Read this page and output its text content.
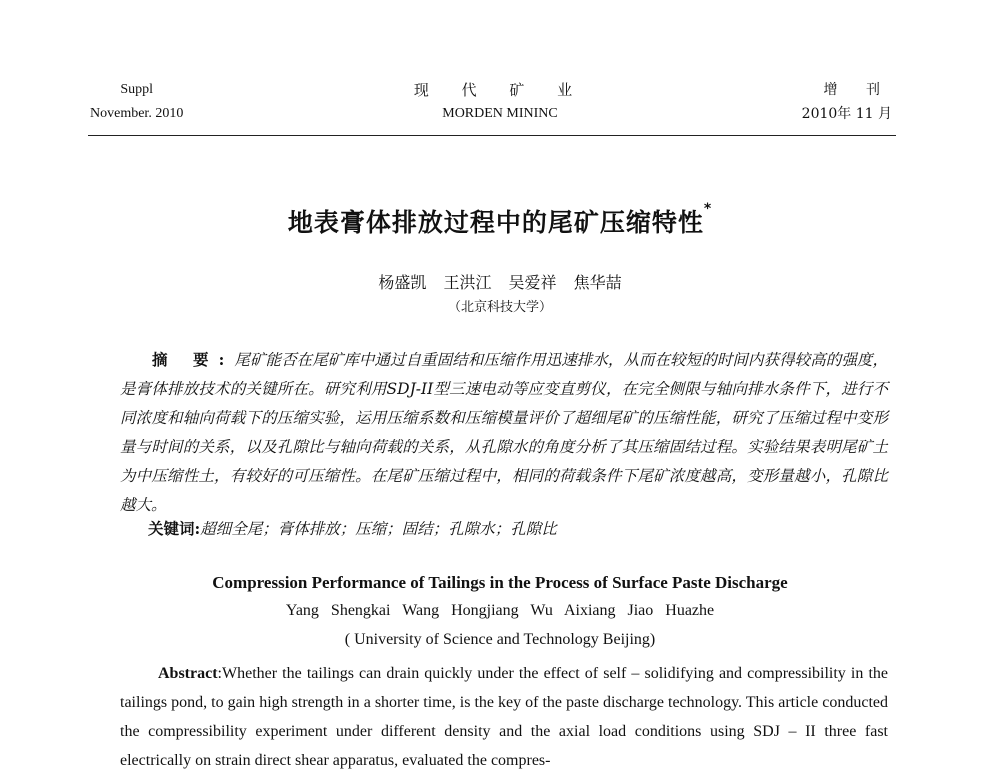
Suppl
November. 2010
现 代 矿 业
MORDEN MININC
增 刊
2010年 11 月
地表膏体排放过程中的尾矿压缩特性*
杨盛凯 王洪江 吴爱祥 焦华喆
（北京科技大学）
摘 要:尾矿能否在尾矿库中通过自重固结和压缩作用迅速排水，从而在较短的时间内获得较高的强度，是膏体排放技术的关键所在。研究利用SDJ-II型三速电动等应变直剪仪，在完全侧限与轴向排水条件下，进行不同浓度和轴向荷载下的压缩实验，运用压缩系数和压缩模量评价了超细尾矿的压缩性能，研究了压缩过程中变形量与时间的关系，以及孔隙比与轴向荷载的关系，从孔隙水的角度分析了其压缩固结过程。实验结果表明尾矿土为中压缩性土，有较好的可压缩性。在尾矿压缩过程中，相同的荷载条件下尾矿浓度越高，变形量越小，孔隙比越大。
关键词:超细全尾；膏体排放；压缩；固结；孔隙水；孔隙比
Compression Performance of Tailings in the Process of Surface Paste Discharge
Yang Shengkai Wang Hongjiang Wu Aixiang Jiao Huazhe
( University of Science and Technology Beijing)
Abstract:Whether the tailings can drain quickly under the effect of self – solidifying and compressibility in the tailings pond, to gain high strength in a shorter time, is the key of the paste discharge technology. This article conducted the compressibility experiment under different density and the axial load conditions using SDJ – II three fast electrically on strain direct shear apparatus, evaluated the compres-
